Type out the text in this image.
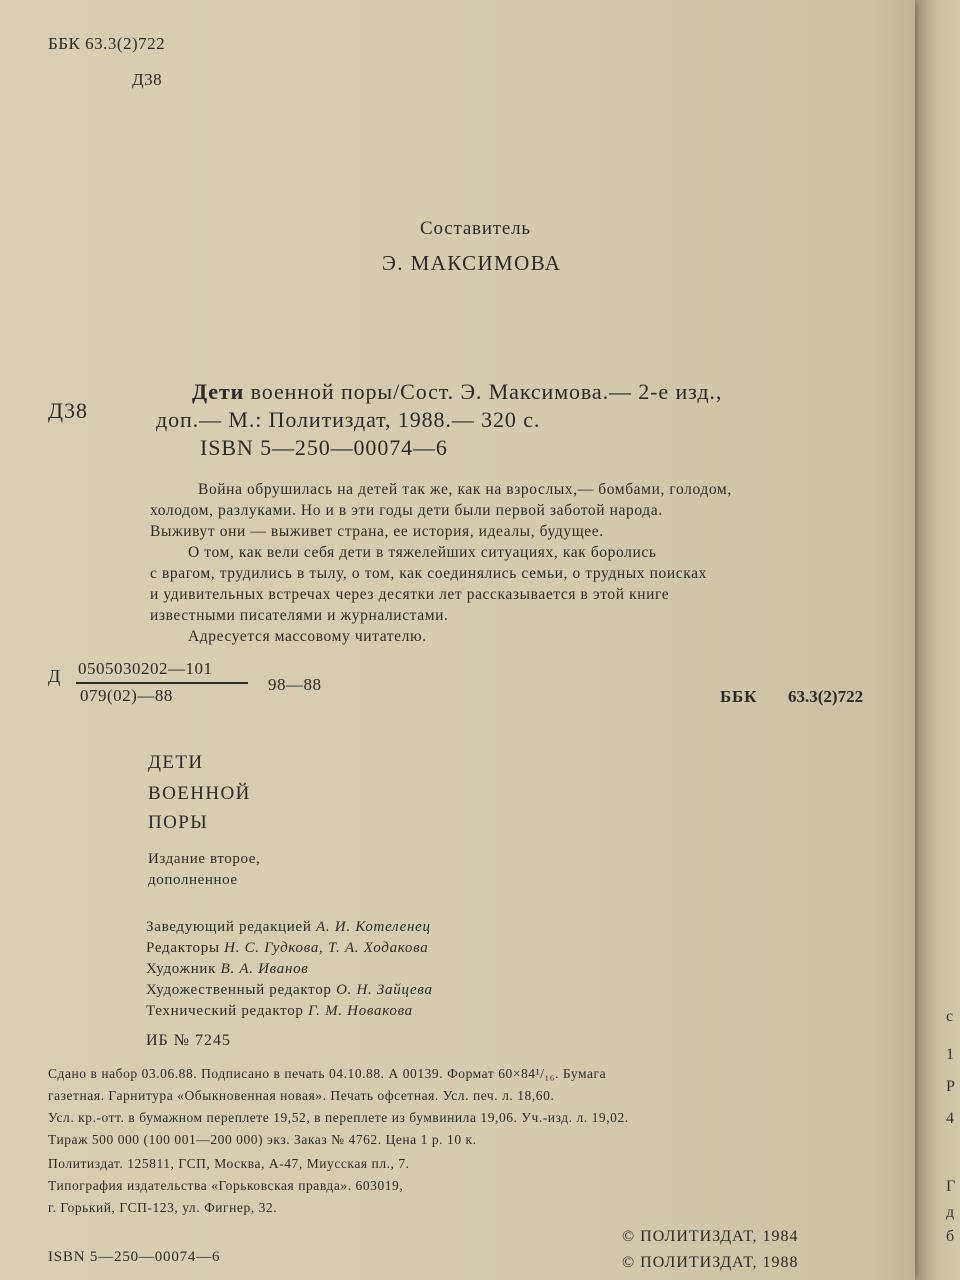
ББК 63.3(2)722
Д38
Составитель
Э. МАКСИМОВА
Д38
Дети военной поры/Сост. Э. Максимова.— 2-е изд.,
доп.— М.: Политиздат, 1988.— 320 с.
ISBN 5—250—00074—6

Война обрушилась на детей так же, как на взрослых,— бомбами, голодом,

холодом, разлуками. Но и в эти годы дети были первой заботой народа.

Выживут они — выживет страна, ее история, идеалы, будущее.

О том, как вели себя дети в тяжелейших ситуациях, как боролись

с врагом, трудились в тылу, о том, как соединялись семьи, о трудных поисках

и удивительных встречах через десятки лет рассказывается в этой книге

известными писателями и журналистами.

Адресуется массовому читателю.

Д 0505030202—101
079(02)—88
98—88
ББК 63.3(2)722
ДЕТИ
ВОЕННОЙ
ПОРЫ
Издание второе,
дополненное
Заведующий редакцией А. И. Котеленец
Редакторы Н. С. Гудкова, Т. А. Ходакова
Художник В. А. Иванов
Художественный редактор О. Н. Зайцева
Технический редактор Г. М. Новакова
ИБ № 7245
Сдано в набор 03.06.88. Подписано в печать 04.10.88. А 00139. Формат 60×84¹/₁₆. Бумага
газетная. Гарнитура «Обыкновенная новая». Печать офсетная. Усл. печ. л. 18,60.
Усл. кр.-отт. в бумажном переплете 19,52, в переплете из бумвинила 19,06. Уч.-изд. л. 19,02.
Тираж 500 000 (100 001—200 000) экз. Заказ № 4762. Цена 1 р. 10 к.
Политиздат. 125811, ГСП, Москва, А-47, Миусская пл., 7.
Типография издательства «Горьковская правда». 603019,
г. Горький, ГСП-123, ул. Фигнер, 32.
ISBN 5—250—00074—6
© ПОЛИТИЗДАТ, 1984
© ПОЛИТИЗДАТ, 1988
с
1
Р
4
Г
д
б
